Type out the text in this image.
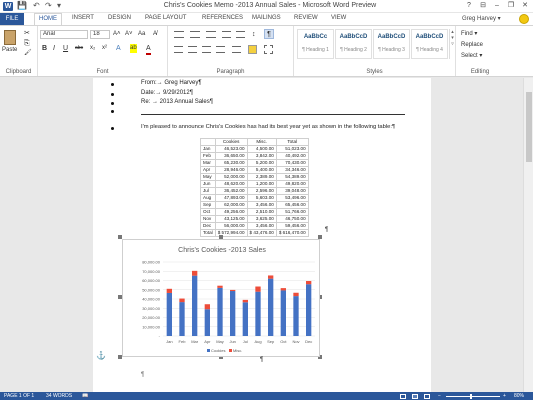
W 💾 ↶ ↷ ▾	Chris's Cookies Memo -2013 Annual Sales - Microsoft Word Preview	?	⊟	–	❐	✕
FILE	HOME	INSERT DESIGN PAGE LAYOUT	REFERENCES MAILINGS REVIEW VIEW	Greg Harvey ▾
Paste
✂
⎘
🖌
Clipboard
Arial	18	A˄ A˅ Aa A̸
B I U abc x₂ x² A ab A
Font
↕	¶
Paragraph
AaBbCc
¶ Heading 1
AaBbCcD
¶ Heading 2
AaBbCcD
¶ Heading 3
AaBbCcD
¶ Heading 4
▴
▾
▿
Styles
Find ▾
Replace
Select ▾
Editing
From:→ Greg Harvey¶
Date:→ 9/29/2012¶
Re: → 2013 Annual Sales¶
I'm pleased to announce Chris's Cookies has had its best year yet as shown in the following table:¶
	Cookies	Misc.	Total
Jan	46,523.00	4,500.00	51,023.00
Feb	36,650.00	3,842.00	40,492.00
Mar	65,230.00	5,200.00	70,430.00
Apr	28,946.00	5,400.00	34,346.00
May	52,000.00	2,389.00	54,389.00
Jun	48,620.00	1,200.00	49,820.00
Jul	36,452.00	2,596.00	39,048.00
Aug	47,893.00	5,603.00	53,496.00
Sep	62,000.00	3,456.00	65,456.00
Oct	49,256.00	2,510.00	51,766.00
Nov	43,125.00	3,625.00	46,750.00
Dec	56,000.00	3,456.00	59,456.00
Total	$ 572,994.00	$ 43,476.00	$ 616,470.00	¶
Chris's Cookies -2013 Sales
-
10,000.00
20,000.00
30,000.00
40,000.00
50,000.00
60,000.00
70,000.00
80,000.00
Jan Feb Mar Apr May Jun Jul Aug Sep Oct Nov Dec
Cookies Misc.
¶
⚓
¶
PAGE 1 OF 1 34 WORDS 📖	−	+ 80%
